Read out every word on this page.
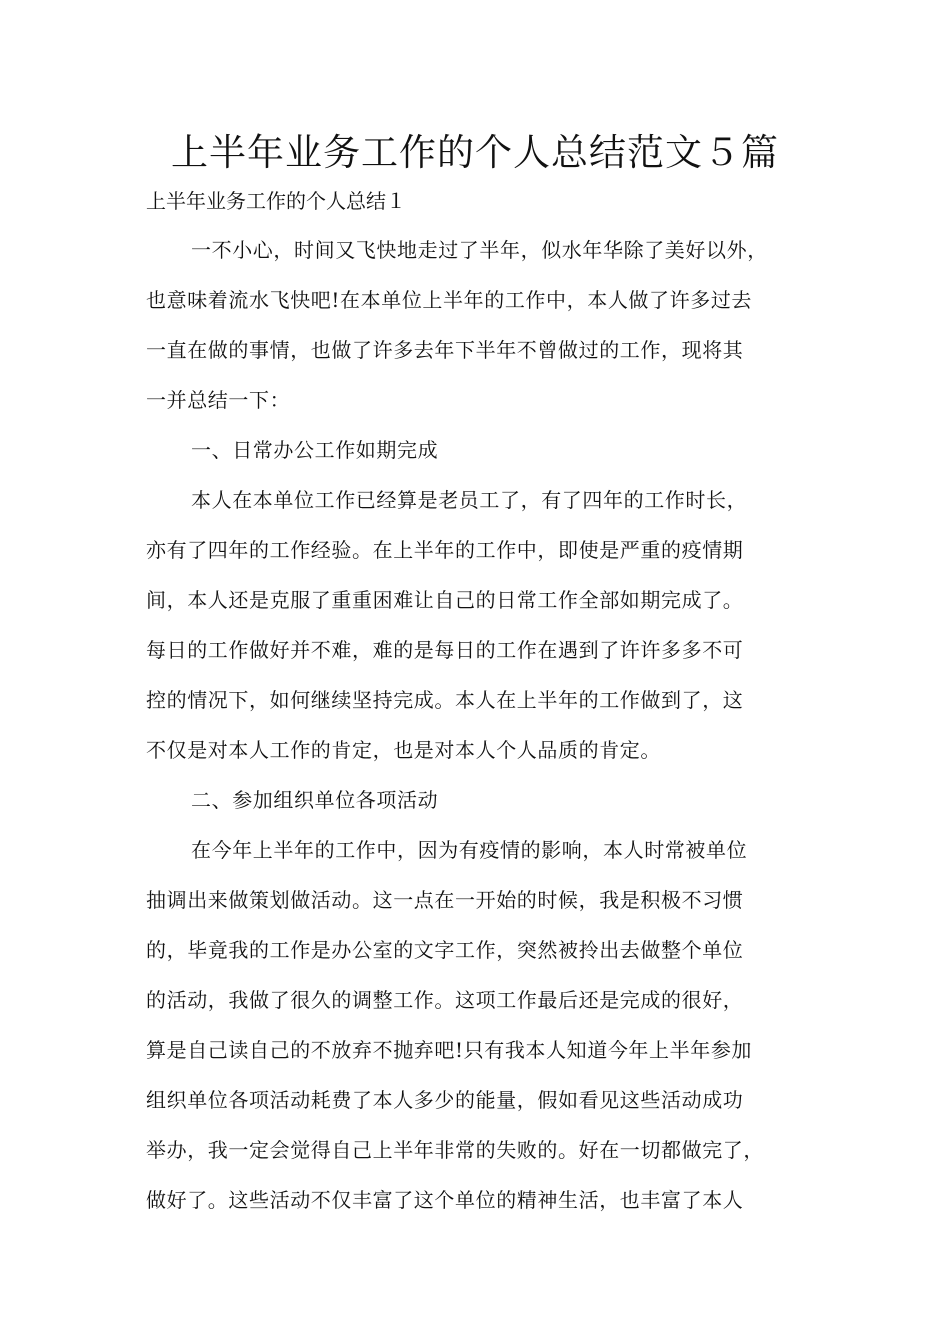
上半年业务工作的个人总结范文５篇
上半年业务工作的个人总结１
一不小心，时间又飞快地走过了半年，似水年华除了美好以外，
也意味着流水飞快吧!在本单位上半年的工作中，本人做了许多过去
一直在做的事情，也做了许多去年下半年不曾做过的工作，现将其
一并总结一下：
一、日常办公工作如期完成
本人在本单位工作已经算是老员工了，有了四年的工作时长，
亦有了四年的工作经验。在上半年的工作中，即使是严重的疫情期
间，本人还是克服了重重困难让自己的日常工作全部如期完成了。
每日的工作做好并不难，难的是每日的工作在遇到了许许多多不可
控的情况下，如何继续坚持完成。本人在上半年的工作做到了，这
不仅是对本人工作的肯定，也是对本人个人品质的肯定。
二、参加组织单位各项活动
在今年上半年的工作中，因为有疫情的影响，本人时常被单位
抽调出来做策划做活动。这一点在一开始的时候，我是积极不习惯
的，毕竟我的工作是办公室的文字工作，突然被拎出去做整个单位
的活动，我做了很久的调整工作。这项工作最后还是完成的很好，
算是自己读自己的不放弃不抛弃吧!只有我本人知道今年上半年参加
组织单位各项活动耗费了本人多少的能量，假如看见这些活动成功
举办，我一定会觉得自己上半年非常的失败的。好在一切都做完了，
做好了。这些活动不仅丰富了这个单位的精神生活，也丰富了本人
